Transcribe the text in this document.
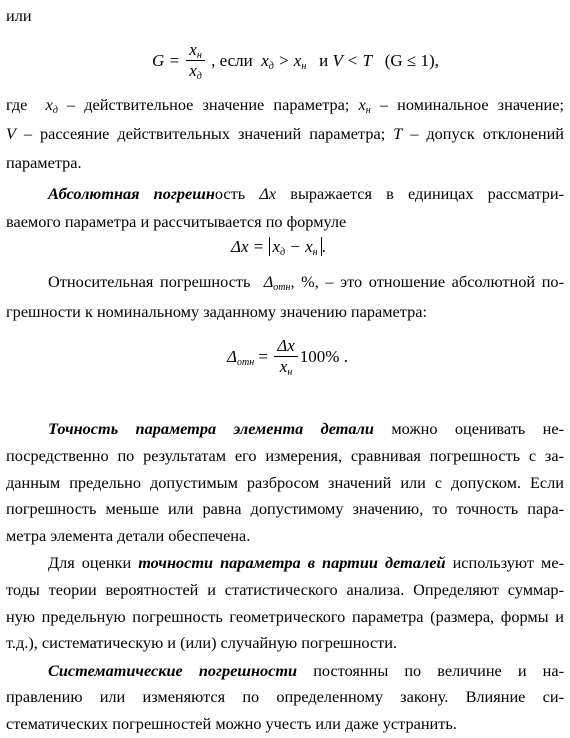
или
$G = \frac{x_н}{x_д}$ , если $x_д > x_н$ и V < T (G ≤ 1),
где $x_д$ – действительное значение параметра; $x_н$ – номинальное значение;
V – рассеяние действительных значений параметра; T – допуск отклонений
параметра.
Абсолютная погрешность Δx выражается в единицах рассматри-
ваемого параметра и рассчитывается по формуле
$\Delta x = x_д - x_н$ .
Относительная погрешность $\Delta_{отн}$, %, – это отношение абсолютной по-
грешности к номинальному заданному значению параметра:
$\Delta_{отн} = \frac{\Delta x}{x_н} 100\%$ .
Точность параметра элемента детали можно оценивать не-
посредственно по результатам его измерения, сравнивая погрешность с за-
данным предельно допустимым разбросом значений или с допуском. Если
погрешность меньше или равна допустимому значению, то точность пара-
метра элемента детали обеспечена.
Для оценки точности параметра в партии деталей используют ме-
тоды теории вероятностей и статистического анализа. Определяют суммар-
ную предельную погрешность геометрического параметра (размера, формы и
т.д.), систематическую и (или) случайную погрешности.
Систематические погрешности постоянны по величине и на-
правлению или изменяются по определенному закону. Влияние си-
стематических погрешностей можно учесть или даже устранить.
